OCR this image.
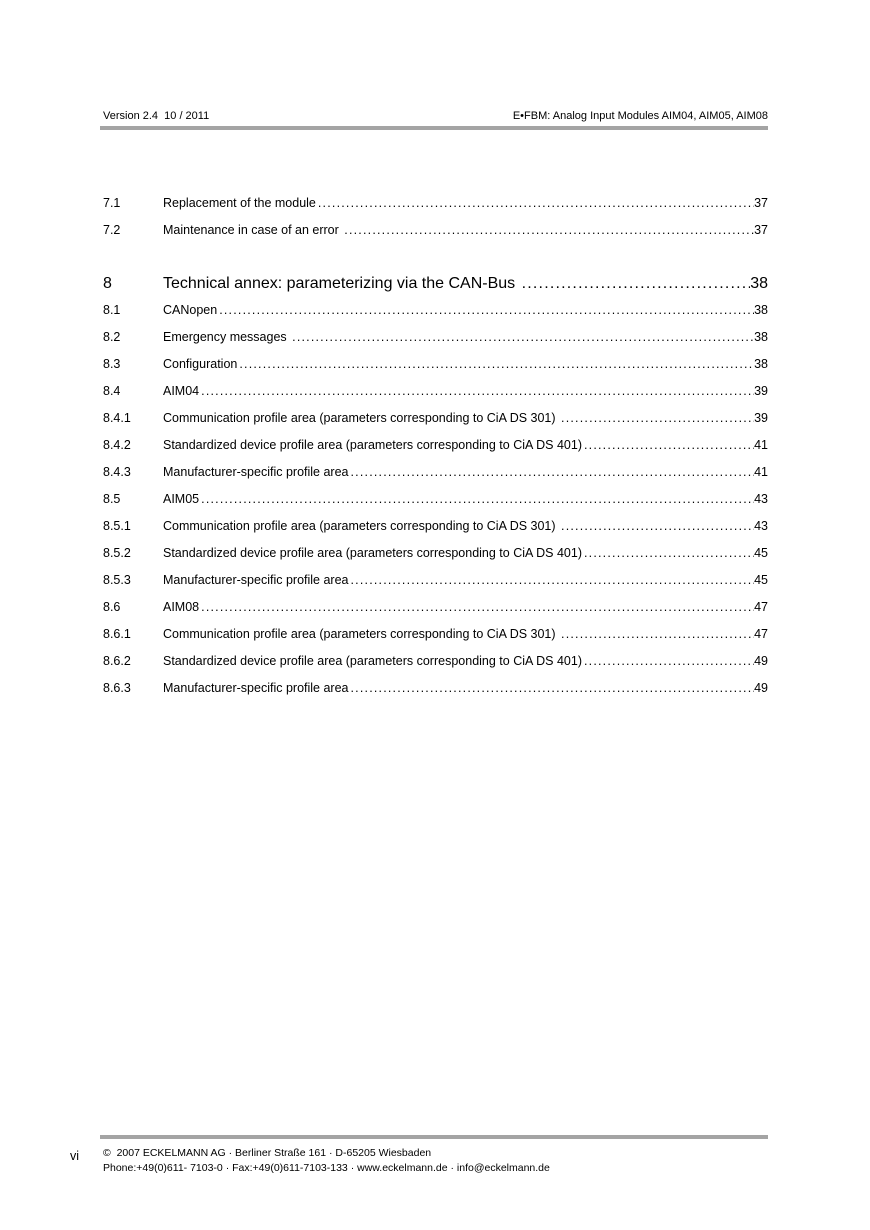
Version 2.4  10 / 2011	E•FBM: Analog Input Modules AIM04, AIM05, AIM08
7.1	Replacement of the module .....	37
7.2	Maintenance in case of an error .....	37
8	Technical annex: parameterizing via the CAN-Bus .....	38
8.1	CANopen .....	38
8.2	Emergency messages .....	38
8.3	Configuration .....	38
8.4	AIM04 .....	39
8.4.1	Communication profile area (parameters corresponding to CiA DS 301) .....	39
8.4.2	Standardized device profile area (parameters corresponding to CiA DS 401) .....	41
8.4.3	Manufacturer-specific profile area .....	41
8.5	AIM05 .....	43
8.5.1	Communication profile area (parameters corresponding to CiA DS 301) .....	43
8.5.2	Standardized device profile area (parameters corresponding to CiA DS 401) .....	45
8.5.3	Manufacturer-specific profile area .....	45
8.6	AIM08 .....	47
8.6.1	Communication profile area (parameters corresponding to CiA DS 301) .....	47
8.6.2	Standardized device profile area (parameters corresponding to CiA DS 401) .....	49
8.6.3	Manufacturer-specific profile area .....	49
vi ©  2007 ECKELMANN AG · Berliner Straße 161 · D-65205 Wiesbaden
Phone:+49(0)611- 7103-0 · Fax:+49(0)611-7103-133 · www.eckelmann.de · info@eckelmann.de
